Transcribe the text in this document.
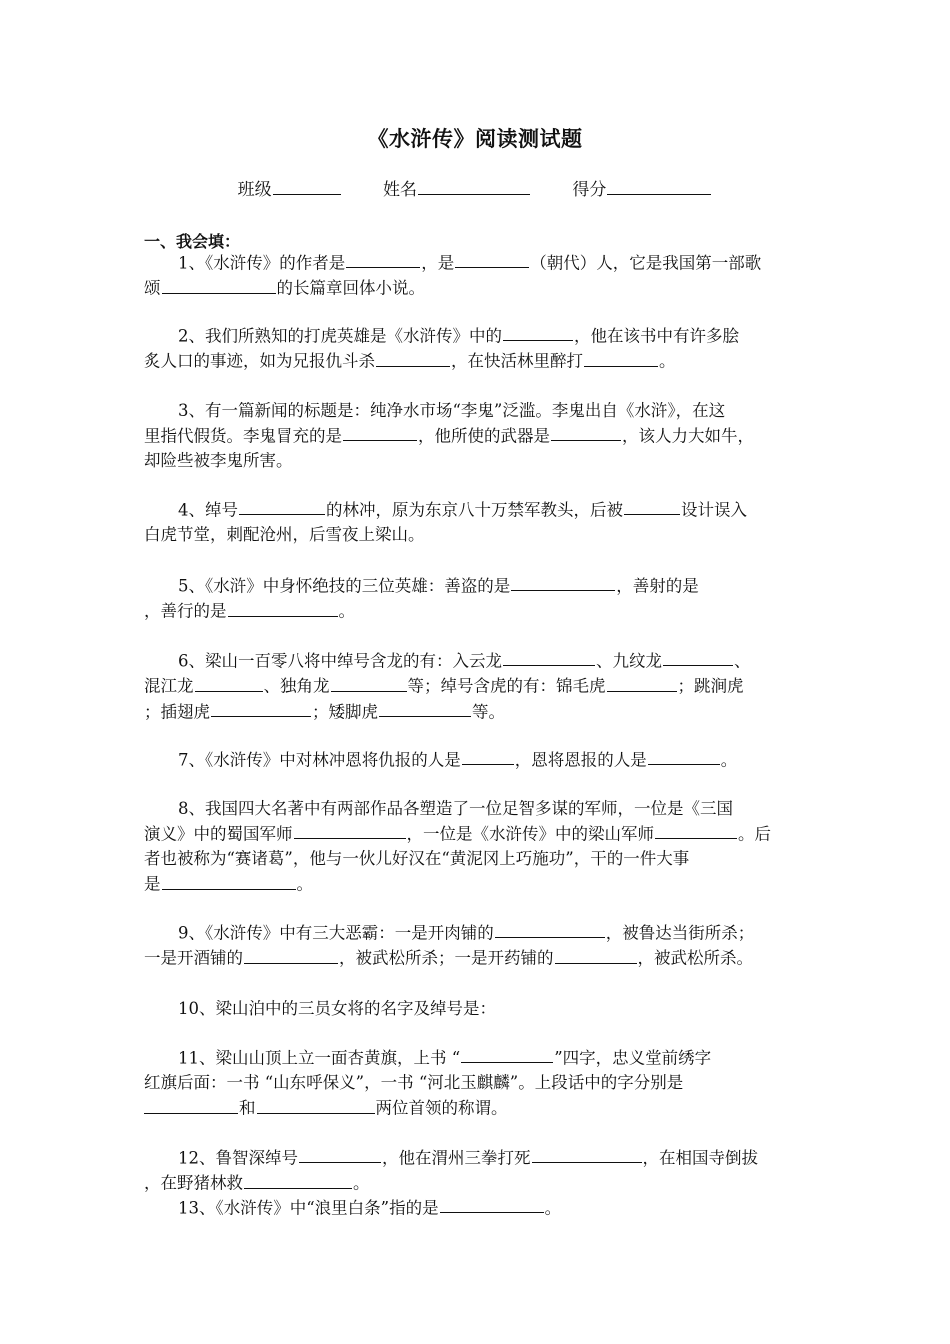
《水浒传》阅读测试题
班级	姓名	得分
一、我会填：
1、《水浒传》的作者是	，是	（朝代）人，它是我国第一部歌
颂	的长篇章回体小说。
2、我们所熟知的打虎英雄是《水浒传》中的	，他在该书中有许多脍
炙人口的事迹，如为兄报仇斗杀	，在快活林里醉打	。
3、有一篇新闻的标题是：纯净水市场“李鬼”泛滥。李鬼出自《水浒》，在这
里指代假货。李鬼冒充的是	，他所使的武器是	，该人力大如牛，
却险些被李鬼所害。
4、绰号	的林冲，原为东京八十万禁军教头，后被	设计误入
白虎节堂，刺配沧州，后雪夜上梁山。
5、《水浒》中身怀绝技的三位英雄：善盗的是	，善射的是
，善行的是	。
6、梁山一百零八将中绰号含龙的有：入云龙	、九纹龙	、
混江龙	、独角龙	等；绰号含虎的有：锦毛虎	；跳涧虎
；插翅虎	；矮脚虎	等。
7、《水浒传》中对林冲恩将仇报的人是	，恩将恩报的人是	。
8、我国四大名著中有两部作品各塑造了一位足智多谋的军师，一位是《三国
演义》中的蜀国军师	，一位是《水浒传》中的梁山军师	。后
者也被称为“赛诸葛”，他与一伙儿好汉在“黄泥冈上巧施功”，干的一件大事
是	。
9、《水浒传》中有三大恶霸：一是开肉铺的	，被鲁达当街所杀；
一是开酒铺的	，被武松所杀；一是开药铺的	，被武松所杀。
10、梁山泊中的三员女将的名字及绰号是：
11、梁山山顶上立一面杏黄旗，上书 “	”四字，忠义堂前绣字
红旗后面：一书 “山东呼保义”，一书 “河北玉麒麟”。上段话中的字分别是
和	两位首领的称谓。
12、鲁智深绰号	，他在渭州三拳打死	，在相国寺倒拔
，在野猪林救	。
13、《水浒传》中“浪里白条”指的是	。
